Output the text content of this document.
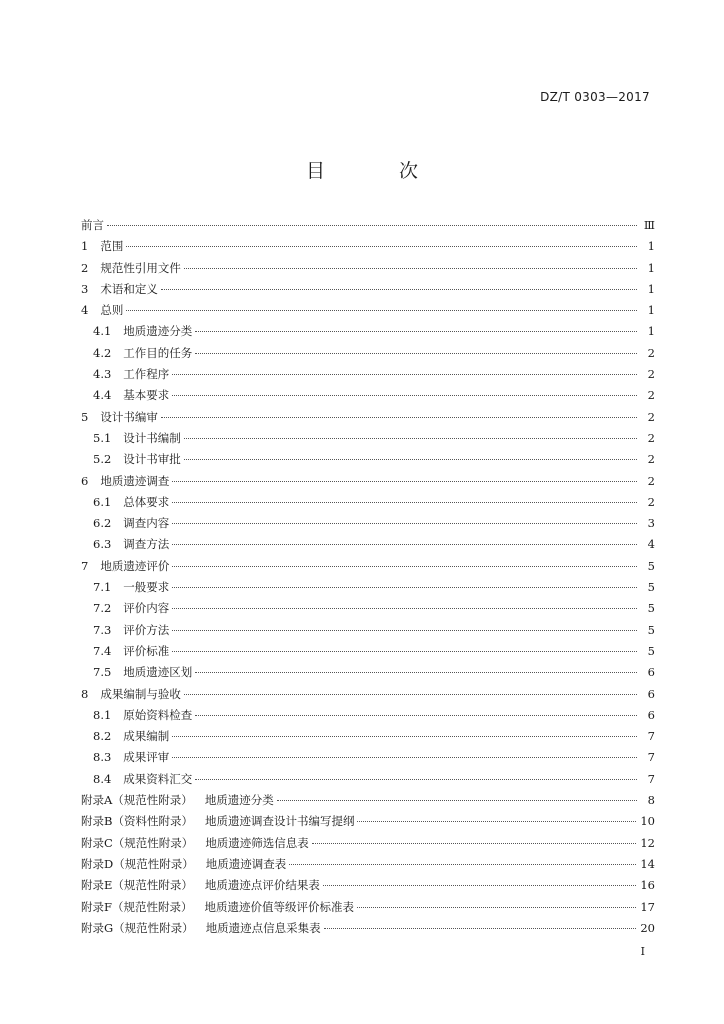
DZ/T 0303—2017
目 次
前言	Ⅲ
1 范围	1
2 规范性引用文件	1
3 术语和定义	1
4 总则	1
4.1 地质遗迹分类	1
4.2 工作目的任务	2
4.3 工作程序	2
4.4 基本要求	2
5 设计书编审	2
5.1 设计书编制	2
5.2 设计书审批	2
6 地质遗迹调查	2
6.1 总体要求	2
6.2 调查内容	3
6.3 调查方法	4
7 地质遗迹评价	5
7.1 一般要求	5
7.2 评价内容	5
7.3 评价方法	5
7.4 评价标准	5
7.5 地质遗迹区划	6
8 成果编制与验收	6
8.1 原始资料检查	6
8.2 成果编制	7
8.3 成果评审	7
8.4 成果资料汇交	7
附录A（规范性附录） 地质遗迹分类	8
附录B（资料性附录） 地质遗迹调查设计书编写提纲	10
附录C（规范性附录） 地质遗迹筛选信息表	12
附录D（规范性附录） 地质遗迹调查表	14
附录E（规范性附录） 地质遗迹点评价结果表	16
附录F（规范性附录） 地质遗迹价值等级评价标准表	17
附录G（规范性附录） 地质遗迹点信息采集表	20
I
